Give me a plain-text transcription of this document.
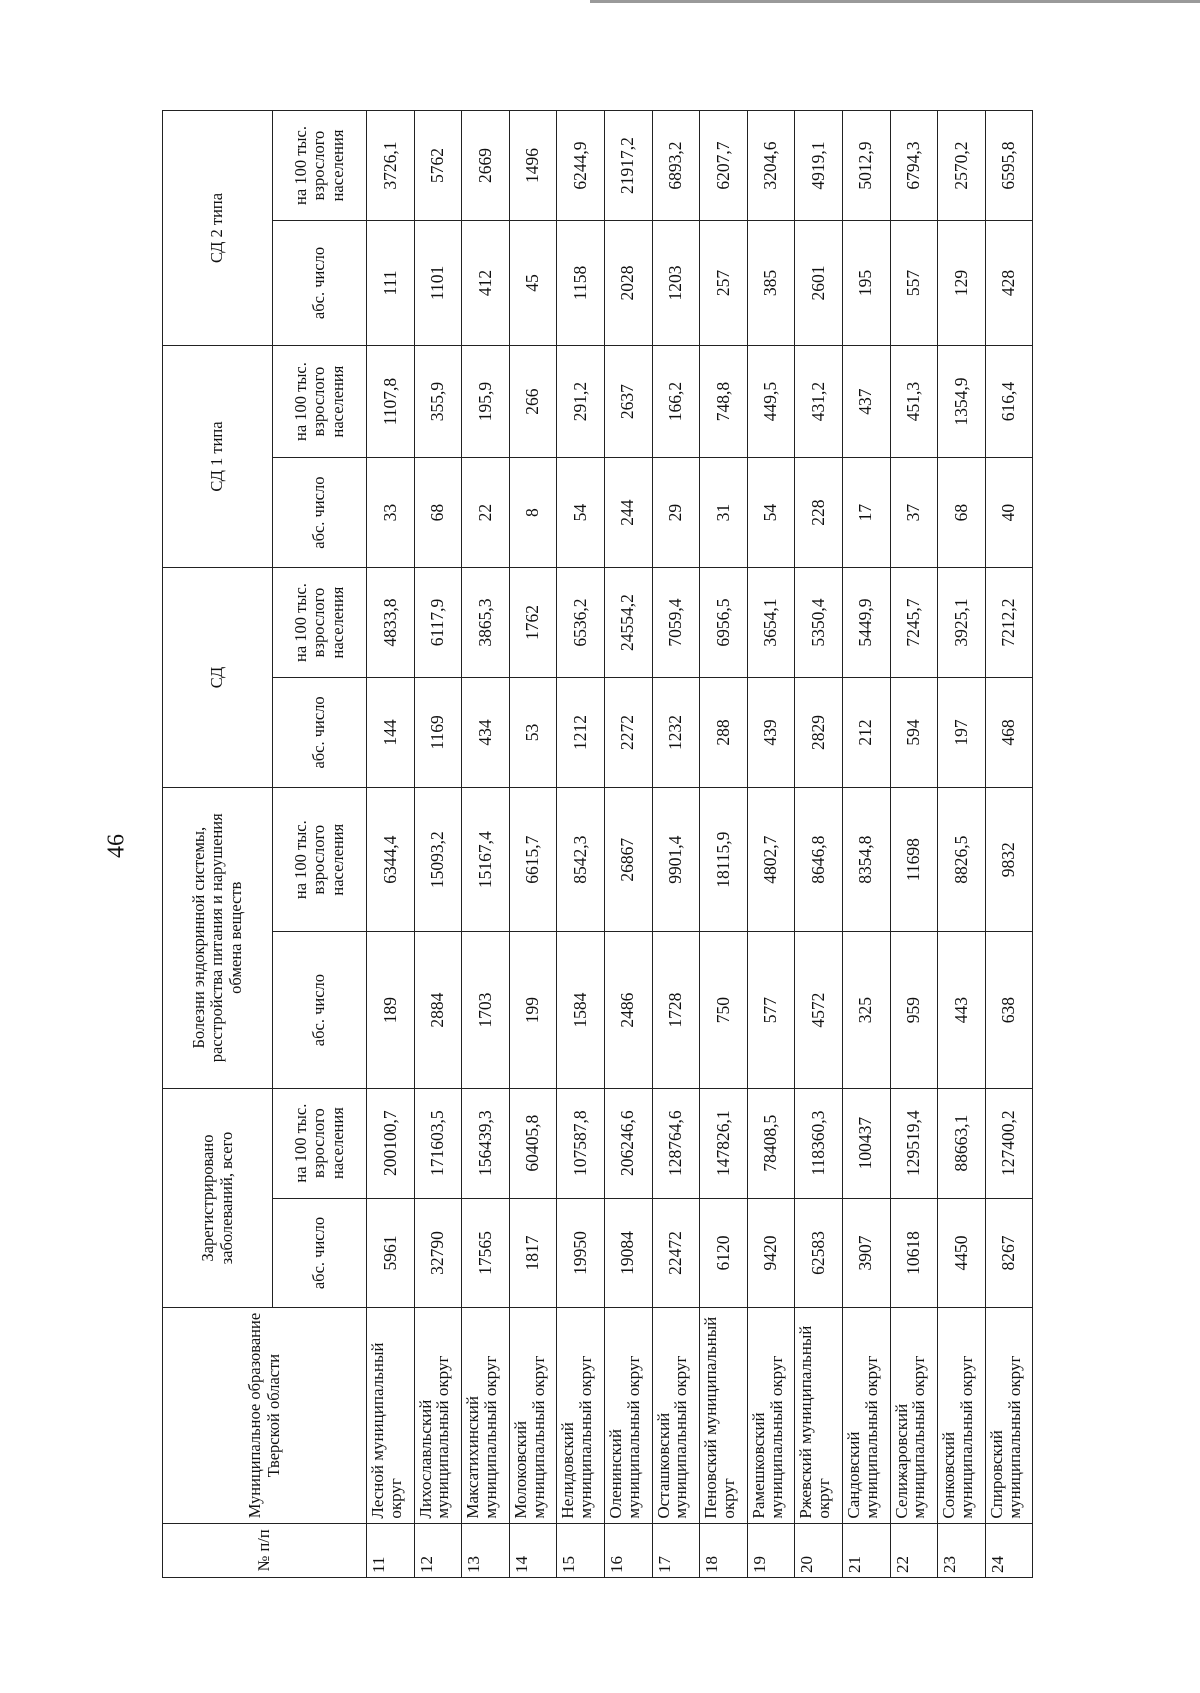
46
№ п/п	Муниципальное образование Тверской области	Зарегистрировано заболеваний, всего		Болезни эндокринной системы, расстройства питания и нарушения обмена веществ		СД		СД 1 типа		СД 2 типа	
		абс. число	на 100 тыс. взрослого населения	абс. число	на 100 тыс. взрослого населения	абс. число	на 100 тыс. взрослого населения	абс. число	на 100 тыс. взрослого населения	абс. число	на 100 тыс. взрослого населения
11	Лесной муниципальный округ	5961	200100,7	189	6344,4	144	4833,8	33	1107,8	111	3726,1
12	Лихославльский муниципальный округ	32790	171603,5	2884	15093,2	1169	6117,9	68	355,9	1101	5762
13	Максатихинский муниципальный округ	17565	156439,3	1703	15167,4	434	3865,3	22	195,9	412	2669
14	Молоковский муниципальный округ	1817	60405,8	199	6615,7	53	1762	8	266	45	1496
15	Нелидовский муниципальный округ	19950	107587,8	1584	8542,3	1212	6536,2	54	291,2	1158	6244,9
16	Оленинский муниципальный округ	19084	206246,6	2486	26867	2272	24554,2	244	2637	2028	21917,2
17	Осташковский муниципальный округ	22472	128764,6	1728	9901,4	1232	7059,4	29	166,2	1203	6893,2
18	Пеновский муниципальный округ	6120	147826,1	750	18115,9	288	6956,5	31	748,8	257	6207,7
19	Рамешковский муниципальный округ	9420	78408,5	577	4802,7	439	3654,1	54	449,5	385	3204,6
20	Ржевский муниципальный округ	62583	118360,3	4572	8646,8	2829	5350,4	228	431,2	2601	4919,1
21	Сандовский муниципальный округ	3907	100437	325	8354,8	212	5449,9	17	437	195	5012,9
22	Селижаровский муниципальный округ	10618	129519,4	959	11698	594	7245,7	37	451,3	557	6794,3
23	Сонковский муниципальный округ	4450	88663,1	443	8826,5	197	3925,1	68	1354,9	129	2570,2
24	Спировский муниципальный округ	8267	127400,2	638	9832	468	7212,2	40	616,4	428	6595,8
